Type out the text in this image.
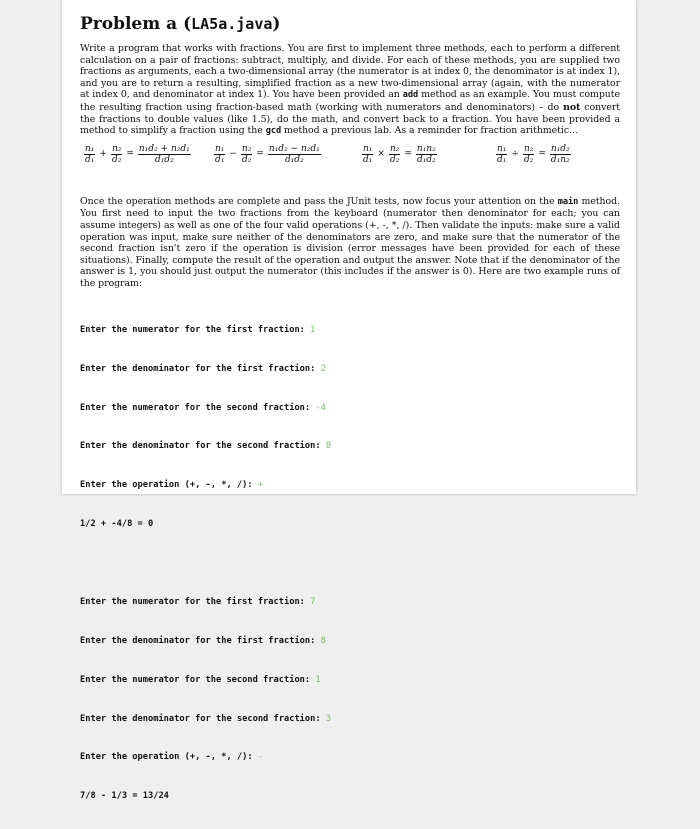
Problem a (LA5a.java)

Write a program that works with fractions. You are first to implement three methods, each to perform a different calculation on a pair of fractions: subtract, multiply, and divide. For each of these methods, you are supplied two fractions as arguments, each a two-dimensional array (the numerator is at index 0, the denominator is at index 1), and you are to return a resulting, simplified fraction as a new two-dimensional array (again, with the numerator at index 0, and denominator at index 1). You have been provided an add method as an example. You must compute the resulting fraction using fraction-based math (working with numerators and denominators) – do not convert the fractions to double values (like 1.5), do the math, and convert back to a fraction. You have been provided a method to simplify a fraction using the gcd method a previous lab. As a reminder for fraction arithmetic…

$\frac{\text{n₁}}{\text{d₁}} + \frac{\text{n₂}}{\text{d₂}} = \frac{\text{n₁d₂ + n₂d₁}}{\text{d₁d₂}}$	$\frac{\text{n₁}}{\text{d₁}} - \frac{\text{n₂}}{\text{d₂}} = \frac{\text{n₁d₂ − n₂d₁}}{\text{d₁d₂}}$	$\frac{\text{n₁}}{\text{d₁}} \times \frac{\text{n₂}}{\text{d₂}} = \frac{\text{n₁n₂}}{\text{d₁d₂}}$	$\frac{\text{n₁}}{\text{d₁}} \div \frac{\text{n₂}}{\text{d₂}} = \frac{\text{n₁d₂}}{\text{d₁n₂}}$

Once the operation methods are complete and pass the JUnit tests, now focus your attention on the main method. You first need to input the two fractions from the keyboard (numerator then denominator for each; you can assume integers) as well as one of the four valid operations (+, -, *, /). Then validate the inputs: make sure a valid operation was input, make sure neither of the denominators are zero, and make sure that the numerator of the second fraction isn't zero if the operation is division (error messages have been provided for each of these situations). Finally, compute the result of the operation and output the answer. Note that if the denominator of the answer is 1, you should just output the numerator (this includes if the answer is 0). Here are two example runs of the program:

Enter the numerator for the first fraction: 1

Enter the denominator for the first fraction: 2

Enter the numerator for the second fraction: -4

Enter the denominator for the second fraction: 8

Enter the operation (+, -, *, /): +

1/2 + -4/8 = 0

Enter the numerator for the first fraction: 7

Enter the denominator for the first fraction: 8

Enter the numerator for the second fraction: 1

Enter the denominator for the second fraction: 3

Enter the operation (+, -, *, /): -

7/8 - 1/3 = 13/24
